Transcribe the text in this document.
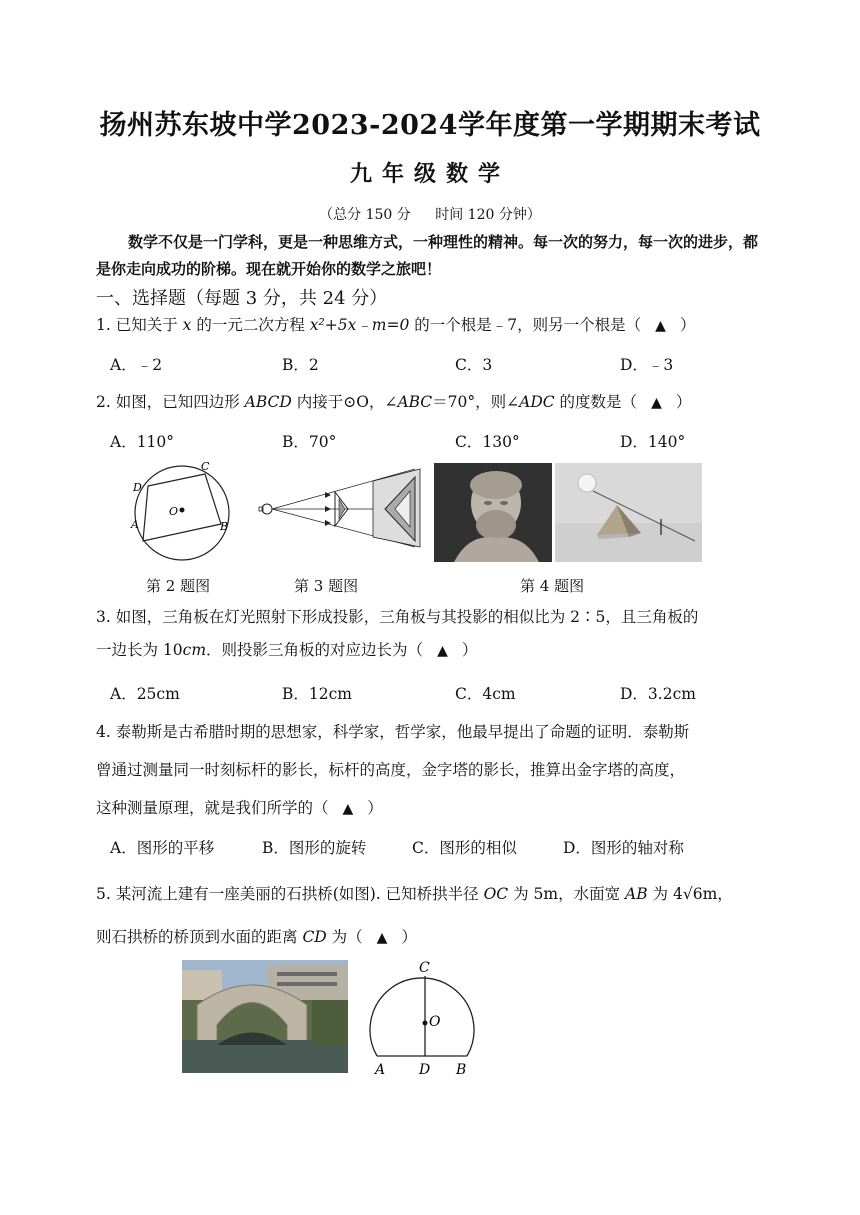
扬州苏东坡中学2023-2024学年度第一学期期末考试
九年级数学
（总分 150 分 时间 120 分钟）
数学不仅是一门学科，更是一种思维方式，一种理性的精神。每一次的努力，每一次的进步，都是你走向成功的阶梯。现在就开始你的数学之旅吧！
一、选择题（每题 3 分，共 24 分）
1. 已知关于 x 的一元二次方程 x²+5x﹣m=0 的一个根是﹣7，则另一个根是（ ▲ ）
A．﹣2	B．2	C．3	D．﹣3
2. 如图，已知四边形 ABCD 内接于⊙O，∠ABC＝70°，则∠ADC 的度数是（ ▲ ）
A．110°	B．70°	C．130°	D．140°
D
C
O
A	B
第 2 题图	第 3 题图	第 4 题图
3. 如图，三角板在灯光照射下形成投影，三角板与其投影的相似比为 2∶5，且三角板的
一边长为 10cm．则投影三角板的对应边长为（ ▲ ）
A．25cm	B．12cm	C．4cm	D．3.2cm
4. 泰勒斯是古希腊时期的思想家，科学家，哲学家，他最早提出了命题的证明．泰勒斯
曾通过测量同一时刻标杆的影长，标杆的高度，金字塔的影长，推算出金字塔的高度，
这种测量原理，就是我们所学的（ ▲ ）
A．图形的平移	B．图形的旋转	C．图形的相似	D．图形的轴对称
5. 某河流上建有一座美丽的石拱桥(如图). 已知桥拱半径 OC 为 5m，水面宽 AB 为 4√6m，
则石拱桥的桥顶到水面的距离 CD 为（ ▲ ）
C
O
A D B
